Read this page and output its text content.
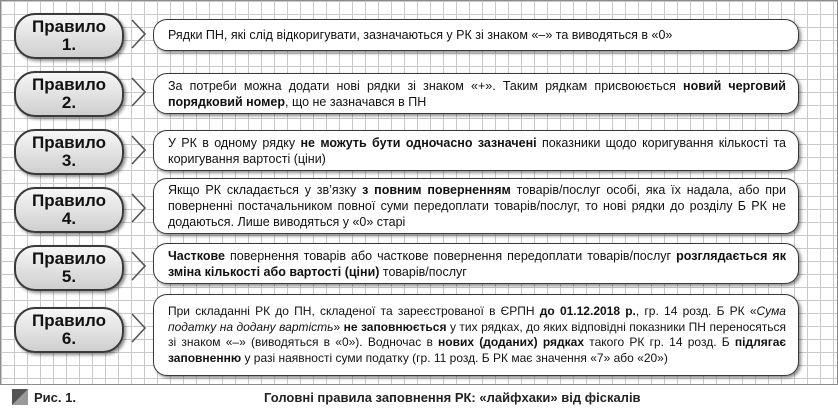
Правило
1.	Рядки ПН, які слід відкоригувати, зазначаються у РК зі знаком «–» та виводяться в «0»

Правило
2.

За потреби можна додати нові рядки зі знаком «+». Таким рядкам присвоюється новий черговий порядковий номер, що не зазначався в ПН

Правило
3.

У РК в одному рядку не можуть бути одночасно зазначені показники щодо коригування кількості та коригування вартості (ціни)

Правило
4.

Якщо РК складається у зв’язку з повним поверненням товарів/послуг особі, яка їх надала, або при поверненні постачальником повної суми передоплати товарів/послуг, то нові рядки до розділу Б РК не додаються. Лише виводяться у «0» старі

Правило
5.

Часткове повернення товарів або часткове повернення передоплати товарів/послуг розглядається як зміна кількості або вартості (ціни) товарів/послуг

Правило
6.

При складанні РК до ПН, складеної та зареєстрованої в ЄРПН до 01.12.2018 р., гр. 14 розд. Б РК «Сума податку на додану вартість» не заповнюється у тих рядках, до яких відповідні показники ПН переносяться зі знаком «–» (виводяться в «0»). Водночас в нових (доданих) рядках такого РК гр. 14 розд. Б підлягає заповненню у разі наявності суми податку (гр. 11 розд. Б РК має значення «7» або «20»)

Рис. 1.	Головні правила заповнення РК: «лайфхаки» від фіскалів
